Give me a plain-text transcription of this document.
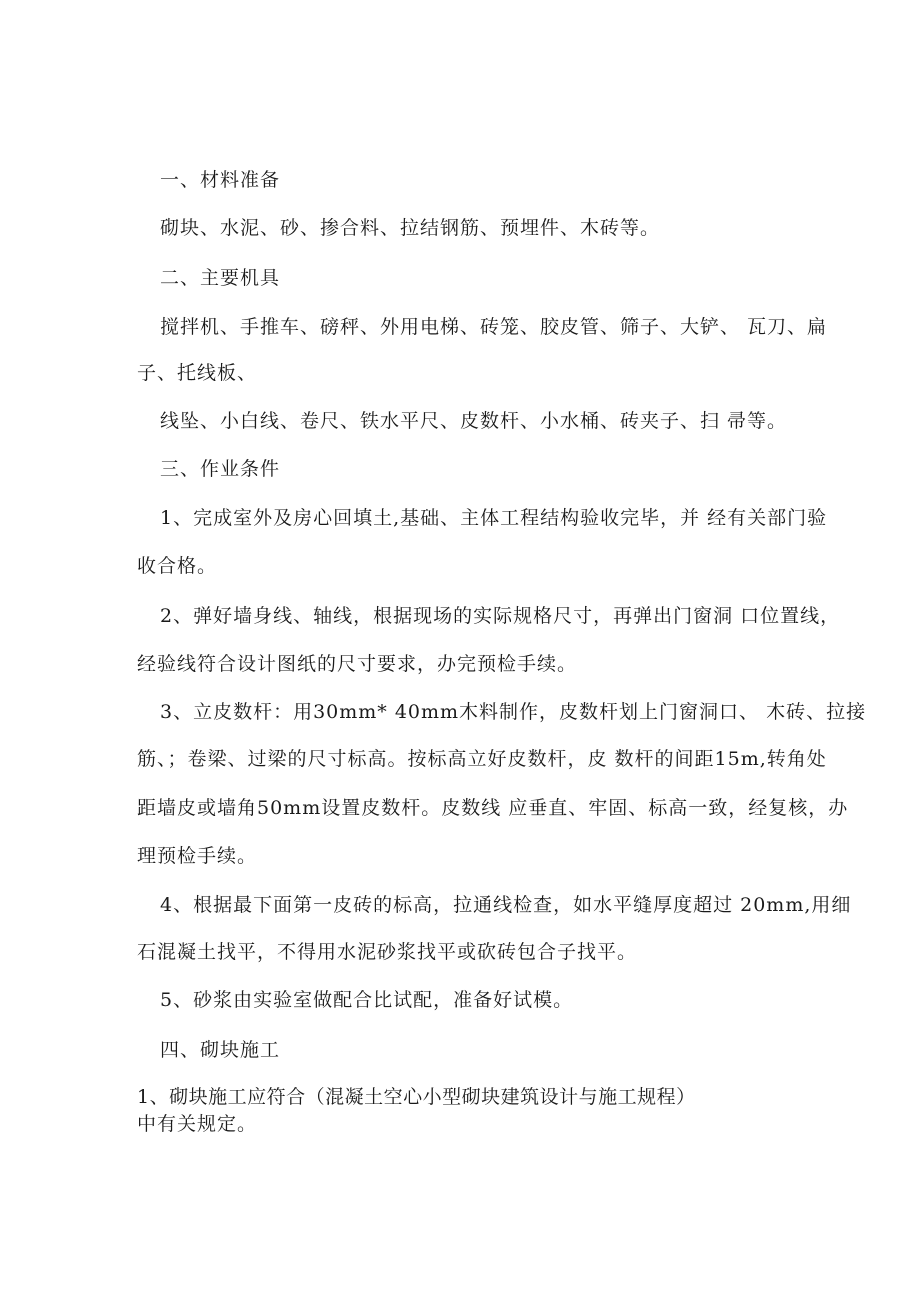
一、材料准备
砌块、水泥、砂、掺合料、拉结钢筋、预埋件、木砖等。
二、主要机具
搅拌机、手推车、磅秤、外用电梯、砖笼、胶皮管、筛子、大铲、 瓦刀、扁
子、托线板、
线坠、小白线、卷尺、铁水平尺、皮数杆、小水桶、砖夹子、扫 帚等。
三、作业条件
1、完成室外及房心回填土,基础、主体工程结构验收完毕，并 经有关部门验
收合格。
2、弹好墙身线、轴线，根据现场的实际规格尺寸，再弹出门窗洞 口位置线，
经验线符合设计图纸的尺寸要求，办完预检手续。
3、立皮数杆：用30mm* 40mm木料制作，皮数杆划上门窗洞口、 木砖、拉接
筋、；卷梁、过梁的尺寸标高。按标高立好皮数杆，皮 数杆的间距15m,转角处
距墙皮或墙角50mm设置皮数杆。皮数线 应垂直、牢固、标高一致，经复核，办
理预检手续。
4、根据最下面第一皮砖的标高，拉通线检查，如水平缝厚度超过 20mm,用细
石混凝土找平，不得用水泥砂浆找平或砍砖包合子找平。
5、砂浆由实验室做配合比试配，准备好试模。
四、砌块施工
1、砌块施工应符合（混凝土空心小型砌块建筑设计与施工规程）
中有关规定。
